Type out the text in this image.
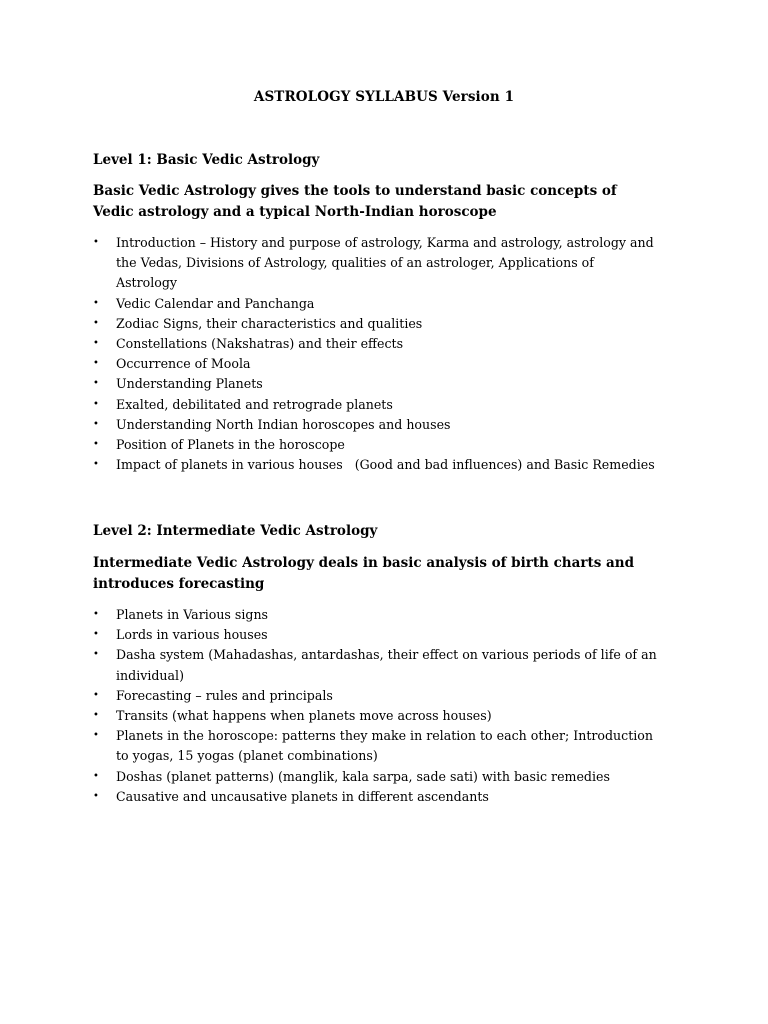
ASTROLOGY SYLLABUS Version 1
Level 1: Basic Vedic Astrology
Basic Vedic Astrology gives the tools to understand basic concepts of Vedic astrology and a typical North-Indian horoscope
• Introduction – History and purpose of astrology, Karma and astrology, astrology and
the Vedas, Divisions of Astrology, qualities of an astrologer, Applications of
Astrology
• Vedic Calendar and Panchanga
• Zodiac Signs, their characteristics and qualities
• Constellations (Nakshatras) and their effects
• Occurrence of Moola
• Understanding Planets
• Exalted, debilitated and retrograde planets
• Understanding North Indian horoscopes and houses
• Position of Planets in the horoscope
• Impact of planets in various houses   (Good and bad influences) and Basic Remedies
Level 2: Intermediate Vedic Astrology
Intermediate Vedic Astrology deals in basic analysis of birth charts and introduces forecasting
• Planets in Various signs
• Lords in various houses
• Dasha system (Mahadashas, antardashas, their effect on various periods of life of an
individual)
• Forecasting – rules and principals
• Transits (what happens when planets move across houses)
• Planets in the horoscope: patterns they make in relation to each other; Introduction
to yogas, 15 yogas (planet combinations)
• Doshas (planet patterns) (manglik, kala sarpa, sade sati) with basic remedies
• Causative and uncausative planets in different ascendants
